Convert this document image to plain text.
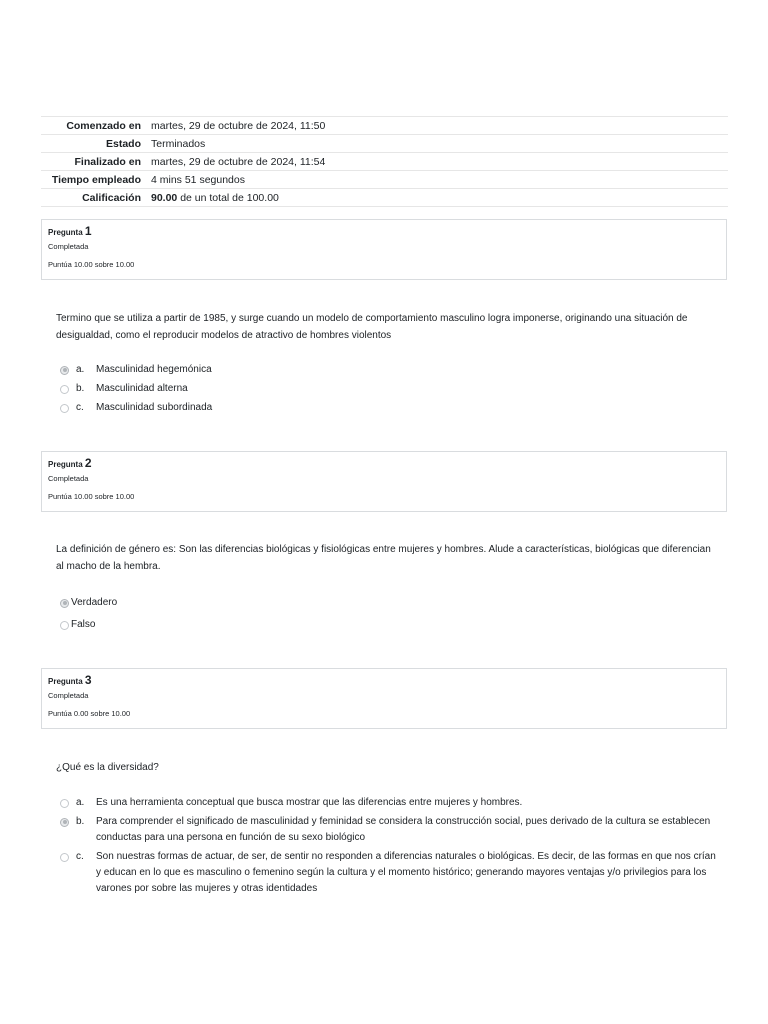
Comenzado en	martes, 29 de octubre de 2024, 11:50
Estado	Terminados
Finalizado en	martes, 29 de octubre de 2024, 11:54
Tiempo empleado	4 mins 51 segundos
Calificación	90.00 de un total de 100.00
Pregunta 1
Completada
Puntúa 10.00 sobre 10.00
Termino que se utiliza a partir de 1985, y surge cuando un modelo de comportamiento masculino logra imponerse, originando una situación de desigualdad, como el reproducir modelos de atractivo de hombres violentos
a.	Masculinidad hegemónica
b.	Masculinidad alterna
c.	Masculinidad subordinada
Pregunta 2
Completada
Puntúa 10.00 sobre 10.00
La definición de género es: Son las diferencias biológicas y fisiológicas entre mujeres y hombres. Alude a características, biológicas que diferencian al macho de la hembra.
Verdadero
Falso
Pregunta 3
Completada
Puntúa 0.00 sobre 10.00
¿Qué es la diversidad?
a.	Es una herramienta conceptual que busca mostrar que las diferencias entre mujeres y hombres.
b.	Para comprender el significado de masculinidad y feminidad se considera la construcción social, pues derivado de la cultura se establecen conductas para una persona en función de su sexo biológico
c.	Son nuestras formas de actuar, de ser, de sentir no responden a diferencias naturales o biológicas. Es decir, de las formas en que nos crían y educan en lo que es masculino o femenino según la cultura y el momento histórico; generando mayores ventajas y/o privilegios para los varones por sobre las mujeres y otras identidades
